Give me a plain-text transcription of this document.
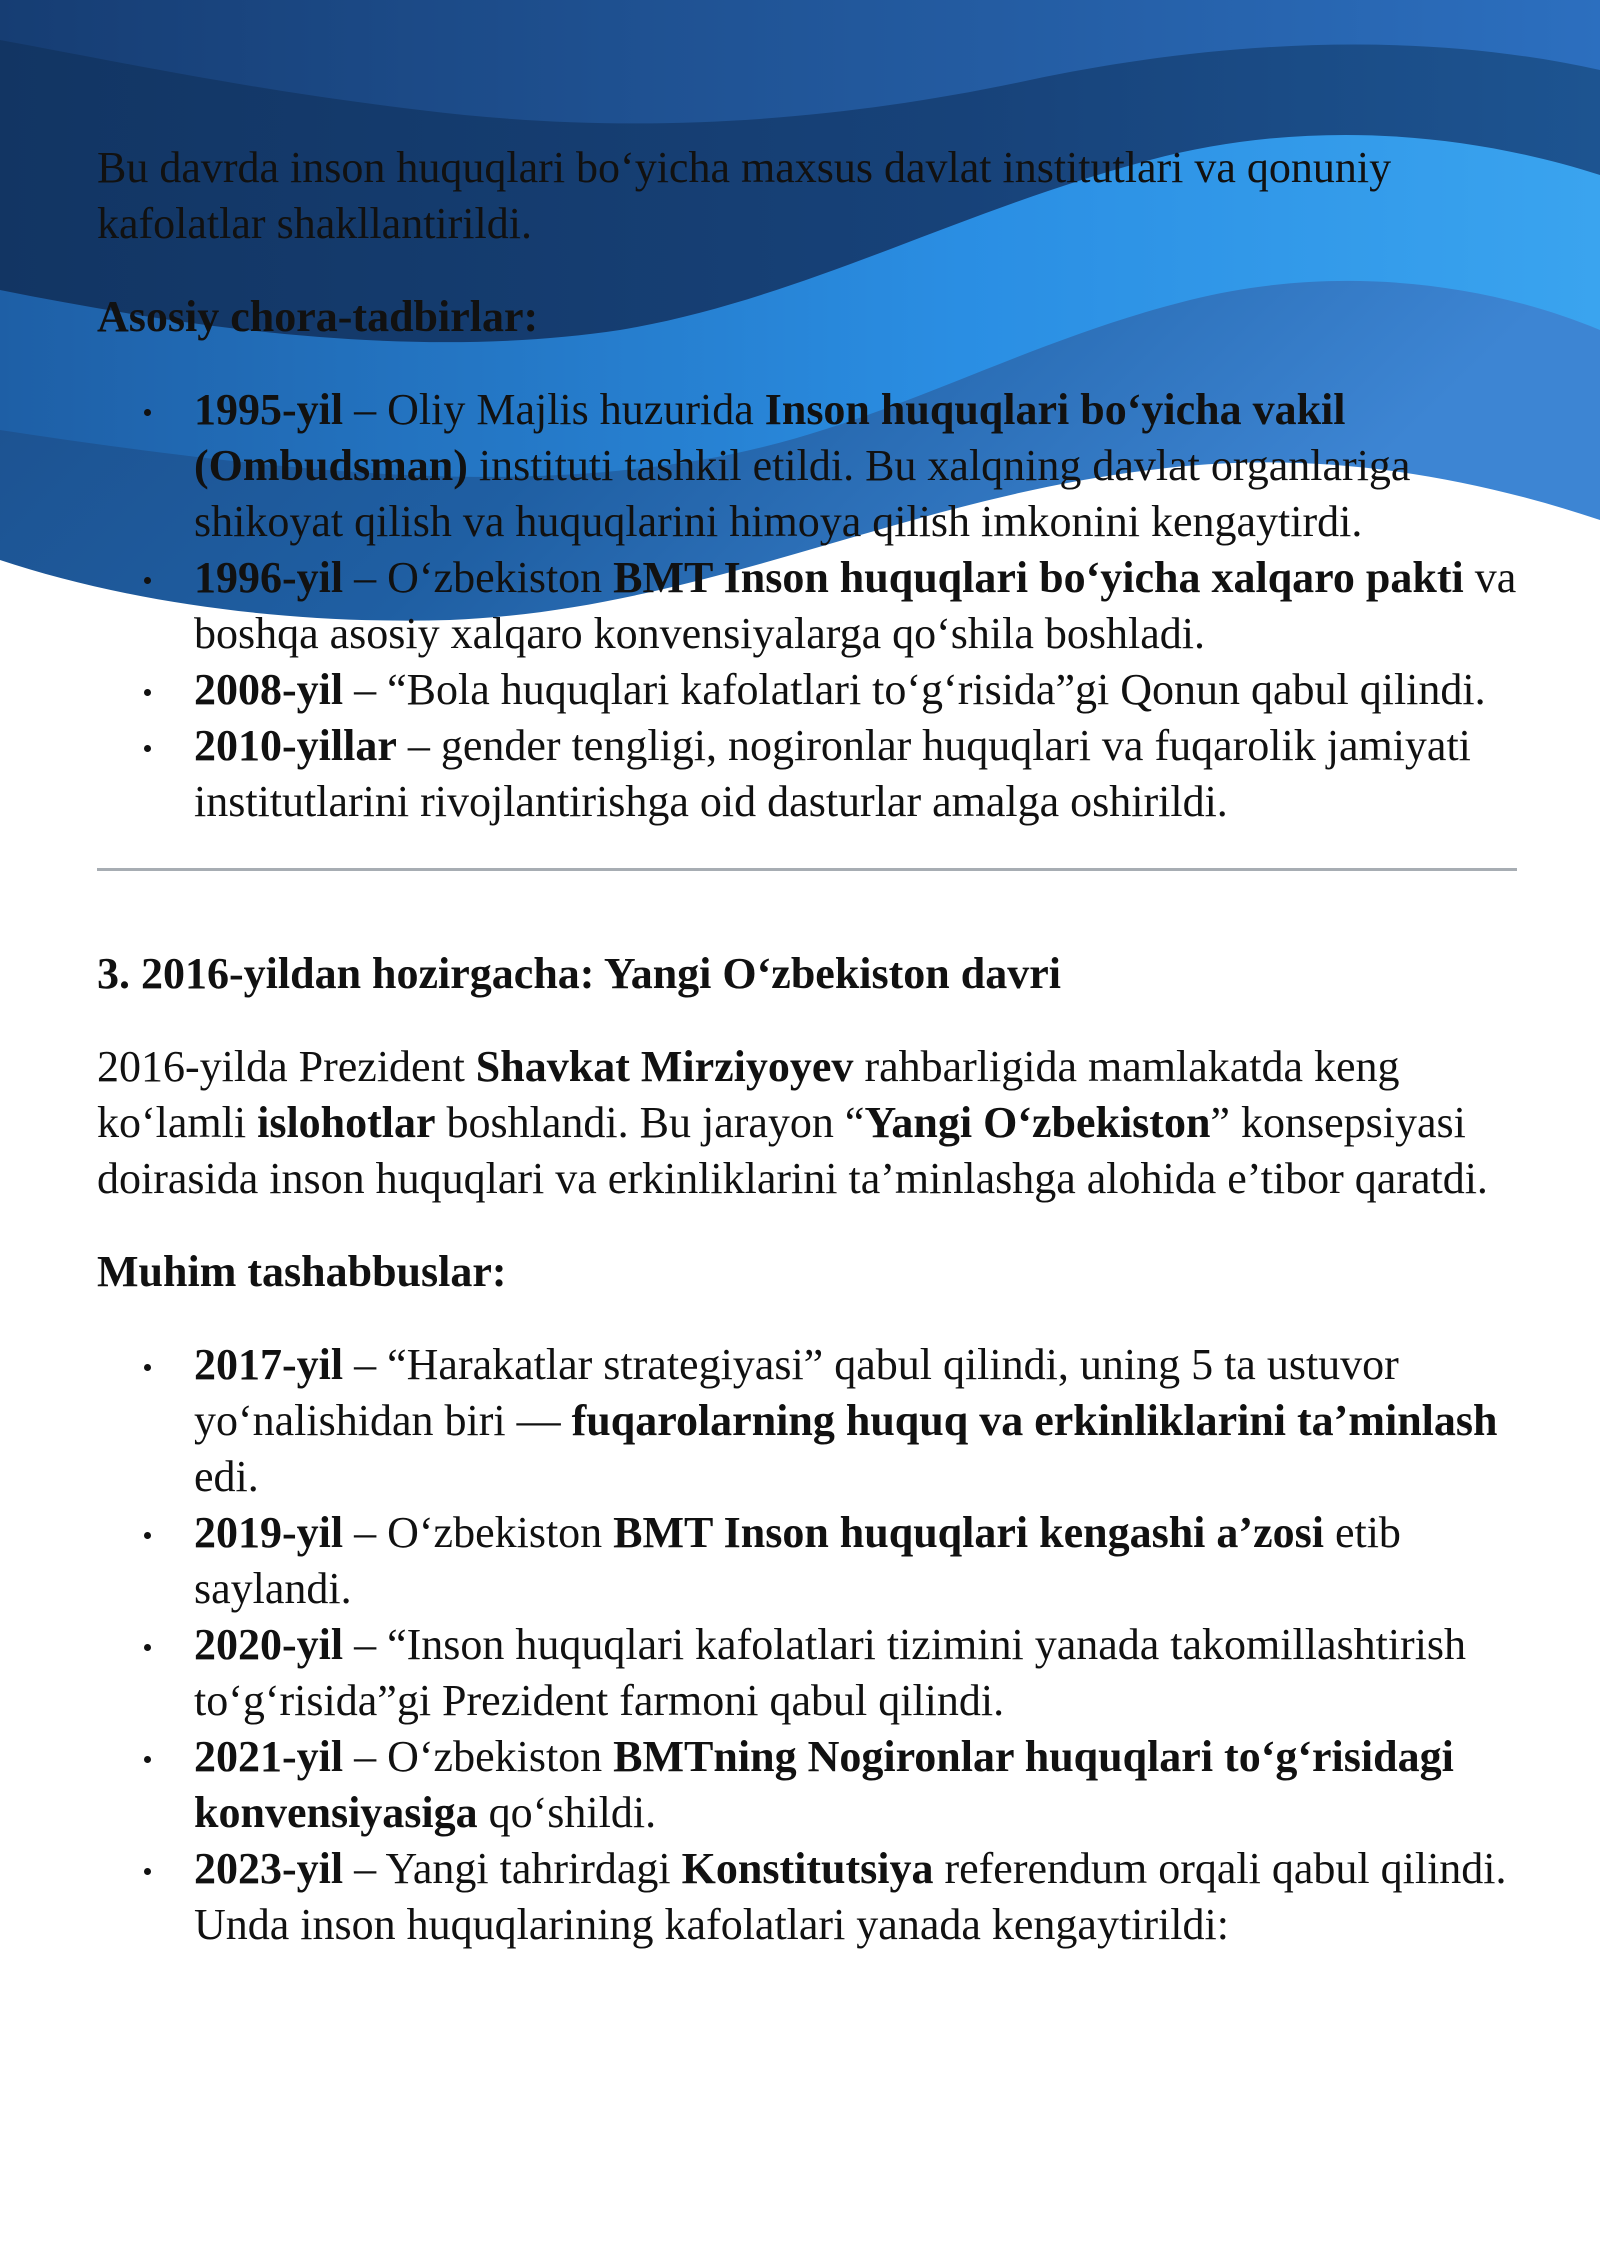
Bu davrda inson huquqlari bo‘yicha maxsus davlat institutlari va qonuniy kafolatlar shakllantirildi.

Asosiy chora-tadbirlar:

1995-yil – Oliy Majlis huzurida Inson huquqlari bo‘yicha vakil (Ombudsman) instituti tashkil etildi. Bu xalqning davlat organlariga shikoyat qilish va huquqlarini himoya qilish imkonini kengaytirdi.
1996-yil – O‘zbekiston BMT Inson huquqlari bo‘yicha xalqaro pakti va boshqa asosiy xalqaro konvensiyalarga qo‘shila boshladi.
2008-yil – “Bola huquqlari kafolatlari to‘g‘risida”gi Qonun qabul qilindi.
2010-yillar – gender tengligi, nogironlar huquqlari va fuqarolik jamiyati institutlarini rivojlantirishga oid dasturlar amalga oshirildi.

3. 2016-yildan hozirgacha: Yangi O‘zbekiston davri

2016-yilda Prezident Shavkat Mirziyoyev rahbarligida mamlakatda keng ko‘lamli islohotlar boshlandi. Bu jarayon “Yangi O‘zbekiston” konsepsiyasi doirasida inson huquqlari va erkinliklarini ta’minlashga alohida e’tibor qaratdi.

Muhim tashabbuslar:

2017-yil – “Harakatlar strategiyasi” qabul qilindi, uning 5 ta ustuvor yo‘nalishidan biri — fuqarolarning huquq va erkinliklarini ta’minlash edi.
2019-yil – O‘zbekiston BMT Inson huquqlari kengashi a’zosi etib saylandi.
2020-yil – “Inson huquqlari kafolatlari tizimini yanada takomillashtirish to‘g‘risida”gi Prezident farmoni qabul qilindi.
2021-yil – O‘zbekiston BMTning Nogironlar huquqlari to‘g‘risidagi konvensiyasiga qo‘shildi.
2023-yil – Yangi tahrirdagi Konstitutsiya referendum orqali qabul qilindi. Unda inson huquqlarining kafolatlari yanada kengaytirildi:
